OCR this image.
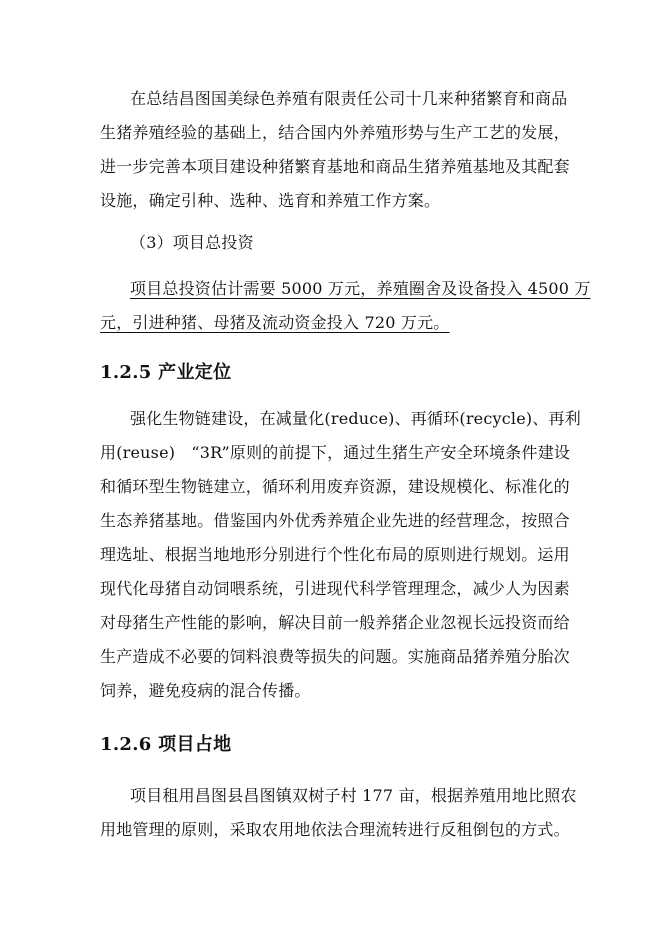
在总结昌图国美绿色养殖有限责任公司十几来种猪繁育和商品
生猪养殖经验的基础上，结合国内外养殖形势与生产工艺的发展，
进一步完善本项目建设种猪繁育基地和商品生猪养殖基地及其配套
设施，确定引种、选种、选育和养殖工作方案。
（3）项目总投资
项目总投资估计需要 5000 万元，养殖圈舍及设备投入 4500 万
元，引进种猪、母猪及流动资金投入 720 万元。
1.2.5 产业定位
强化生物链建设，在减量化(reduce)、再循环(recycle)、再利
用(reuse)　“3R”原则的前提下，通过生猪生产安全环境条件建设
和循环型生物链建立，循环利用废弃资源，建设规模化、标准化的
生态养猪基地。借鉴国内外优秀养殖企业先进的经营理念，按照合
理选址、根据当地地形分别进行个性化布局的原则进行规划。运用
现代化母猪自动饲喂系统，引进现代科学管理理念，减少人为因素
对母猪生产性能的影响，解决目前一般养猪企业忽视长远投资而给
生产造成不必要的饲料浪费等损失的问题。实施商品猪养殖分胎次
饲养，避免疫病的混合传播。
1.2.6 项目占地
项目租用昌图县昌图镇双树子村 177 亩，根据养殖用地比照农
用地管理的原则，采取农用地依法合理流转进行反租倒包的方式。
